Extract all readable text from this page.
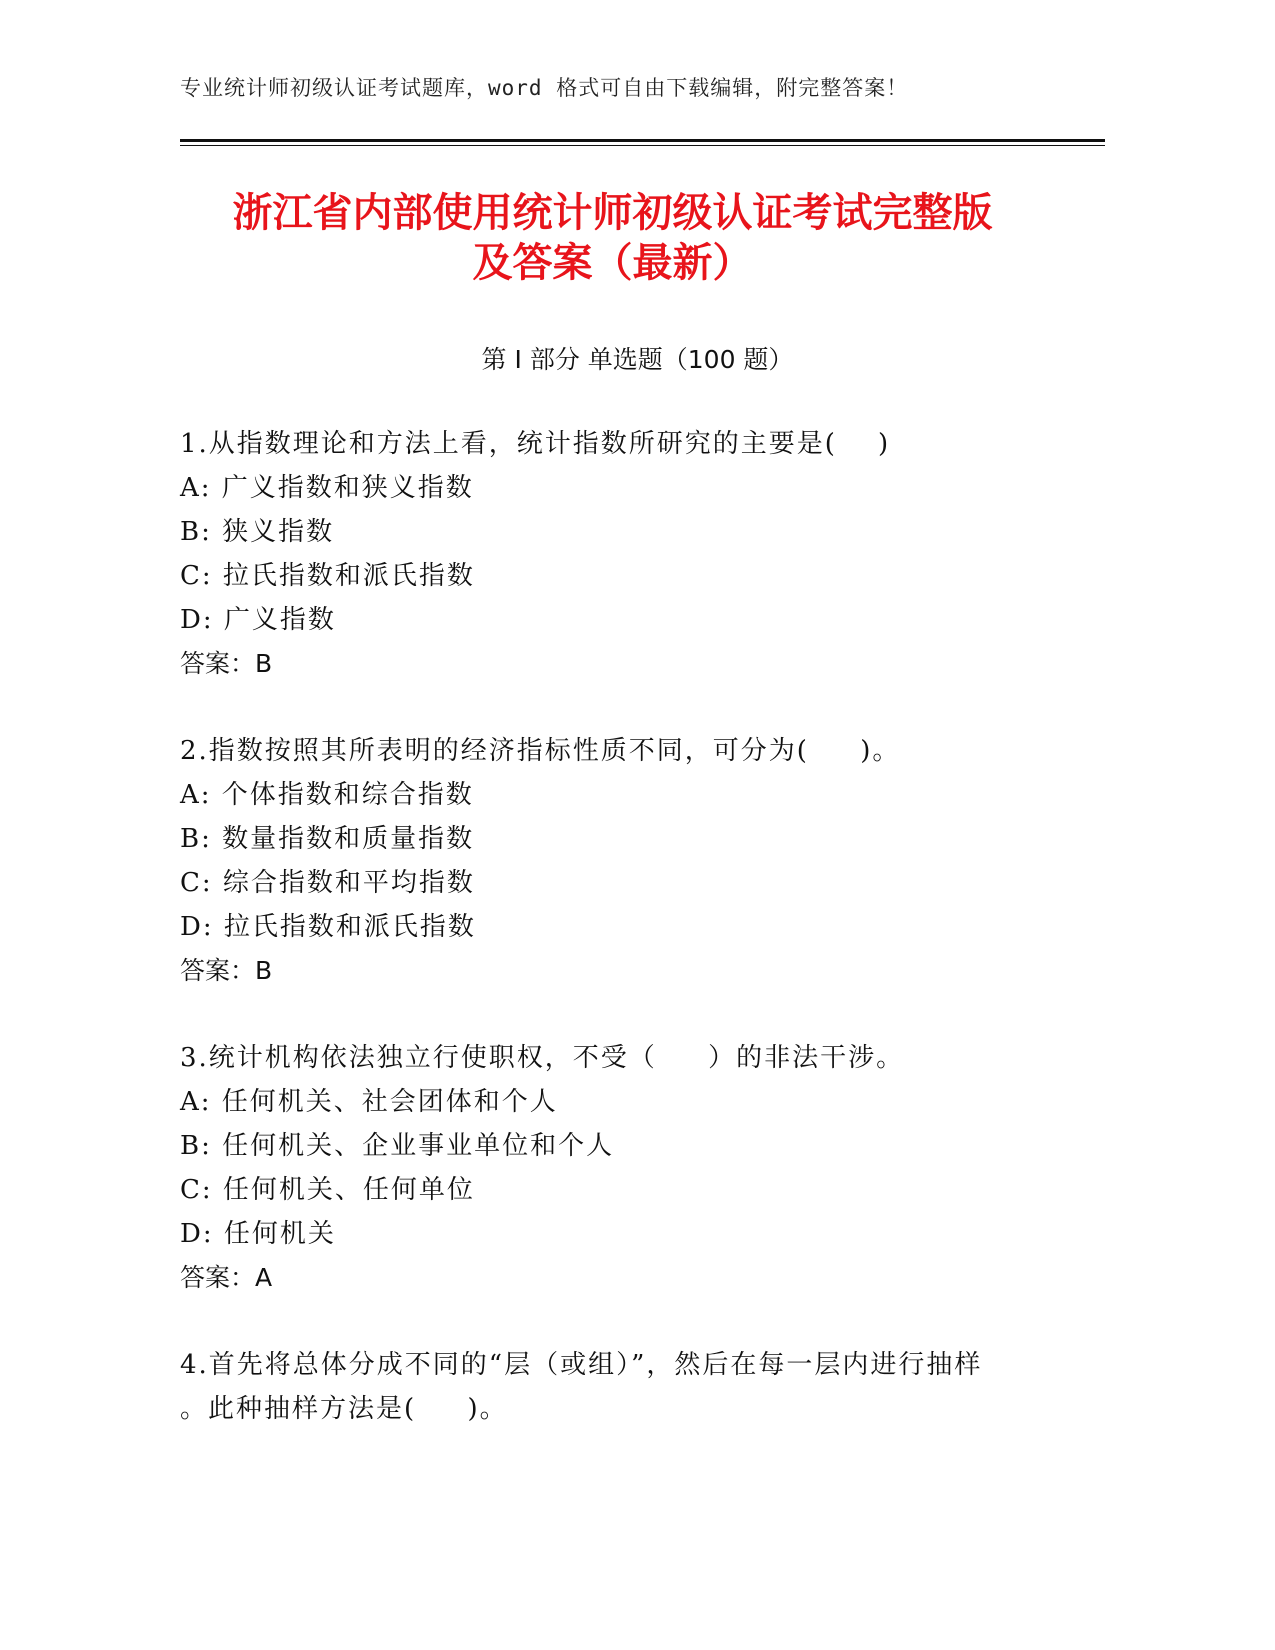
专业统计师初级认证考试题库，word 格式可自由下载编辑，附完整答案！
浙江省内部使用统计师初级认证考试完整版
及答案（最新）
第 I 部分 单选题（100 题）
1.从指数理论和方法上看，统计指数所研究的主要是(    )
A: 广义指数和狭义指数
B: 狭义指数
C: 拉氏指数和派氏指数
D: 广义指数
答案：B
2.指数按照其所表明的经济指标性质不同，可分为(     )。
A: 个体指数和综合指数
B: 数量指数和质量指数
C: 综合指数和平均指数
D: 拉氏指数和派氏指数
答案：B
3.统计机构依法独立行使职权，不受（     ）的非法干涉。
A: 任何机关、社会团体和个人
B: 任何机关、企业事业单位和个人
C: 任何机关、任何单位
D: 任何机关
答案：A
4.首先将总体分成不同的“层（或组）”，然后在每一层内进行抽样
。此种抽样方法是(     )。
